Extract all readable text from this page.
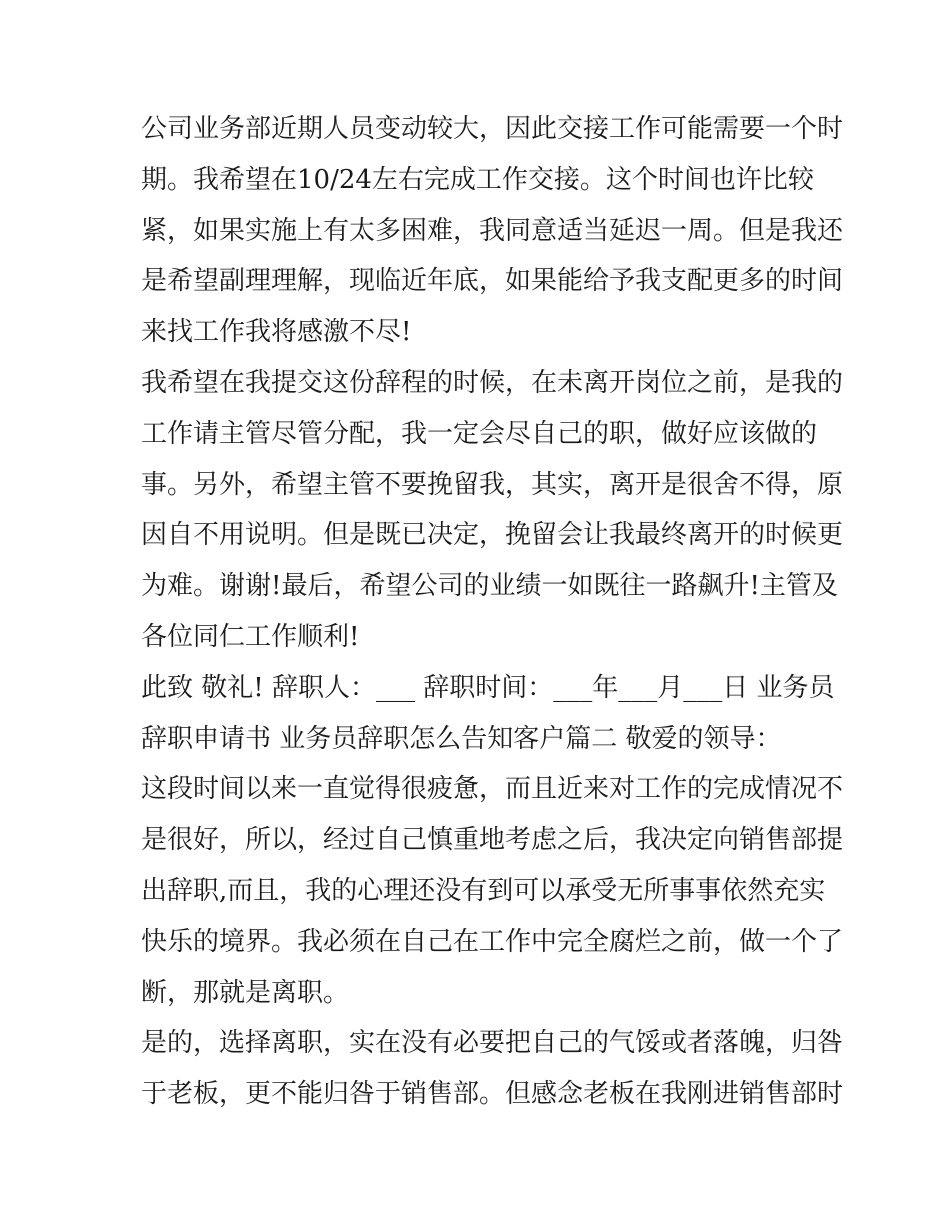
公司业务部近期人员变动较大，因此交接工作可能需要一个时
期。我希望在10/24左右完成工作交接。这个时间也许比较
紧，如果实施上有太多困难，我同意适当延迟一周。但是我还
是希望副理理解，现临近年底，如果能给予我支配更多的时间
来找工作我将感激不尽!
我希望在我提交这份辞程的时候，在未离开岗位之前，是我的
工作请主管尽管分配，我一定会尽自己的职，做好应该做的
事。另外，希望主管不要挽留我，其实，离开是很舍不得，原
因自不用说明。但是既已决定，挽留会让我最终离开的时候更
为难。谢谢!最后，希望公司的业绩一如既往一路飙升!主管及
各位同仁工作顺利!
此致 敬礼! 辞职人：___ 辞职时间：___年___月___日 业务员
辞职申请书 业务员辞职怎么告知客户篇二 敬爱的领导：
这段时间以来一直觉得很疲惫，而且近来对工作的完成情况不
是很好，所以，经过自己慎重地考虑之后，我决定向销售部提
出辞职,而且，我的心理还没有到可以承受无所事事依然充实
快乐的境界。我必须在自己在工作中完全腐烂之前，做一个了
断，那就是离职。
是的，选择离职，实在没有必要把自己的气馁或者落魄，归咎
于老板，更不能归咎于销售部。但感念老板在我刚进销售部时
